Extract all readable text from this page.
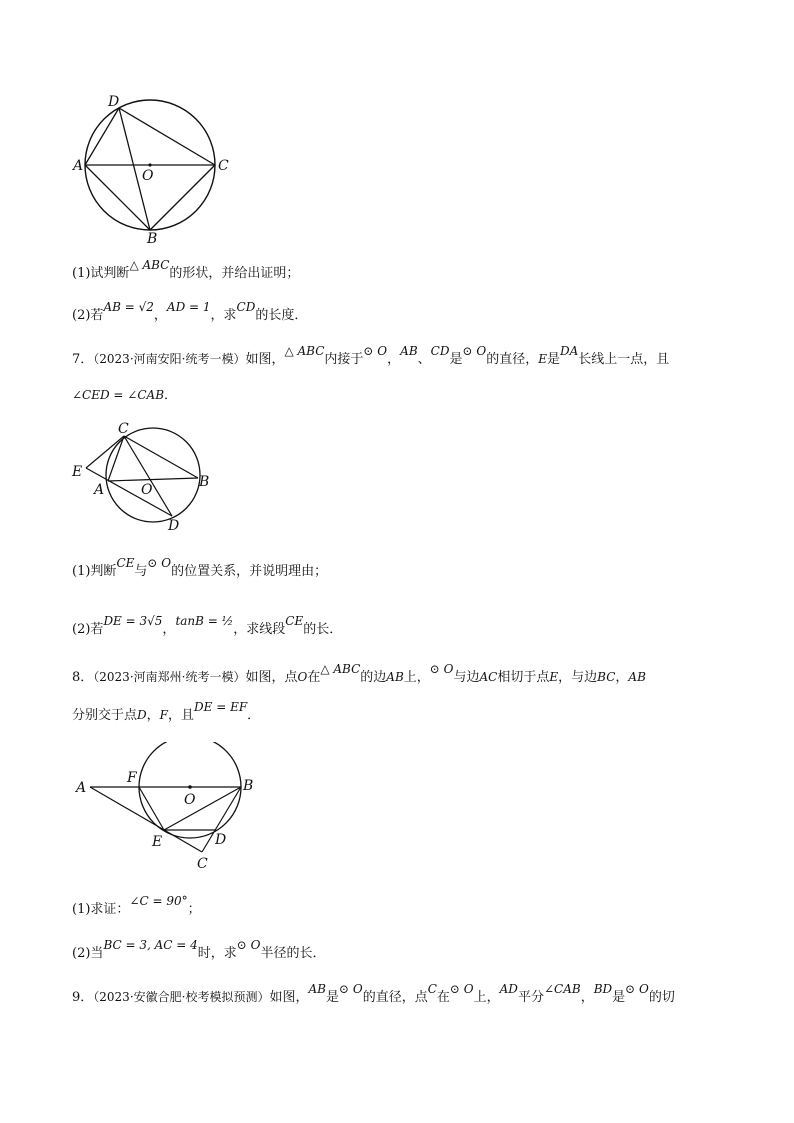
D
A
O
C
B
(1)试判断△ ABC的形状，并给出证明；
(2)若AB = √2，AD = 1，求CD的长度．
7．（2023·河南安阳·统考一模）如图，△ ABC内接于⊙ O，AB、CD是⊙ O的直径，E是DA长线上一点，且
∠CED = ∠CAB．
C
E
A	O	B
D
(1)判断CE与⊙ O的位置关系，并说明理由；
(2)若DE = 3√5，tanB = ½，求线段CE的长．
8．（2023·河南郑州·统考一模）如图，点O在△ ABC的边AB上，⊙ O与边AC相切于点E，与边BC，AB
分别交于点D，F，且DE = EF．
A
F
O
B
E	D
C
(1)求证：∠C = 90°；
(2)当BC = 3, AC = 4时，求⊙ O半径的长．
9．（2023·安徽合肥·校考模拟预测）如图，AB是⊙ O的直径，点C在⊙ O上，AD平分∠CAB，BD是⊙ O的切
